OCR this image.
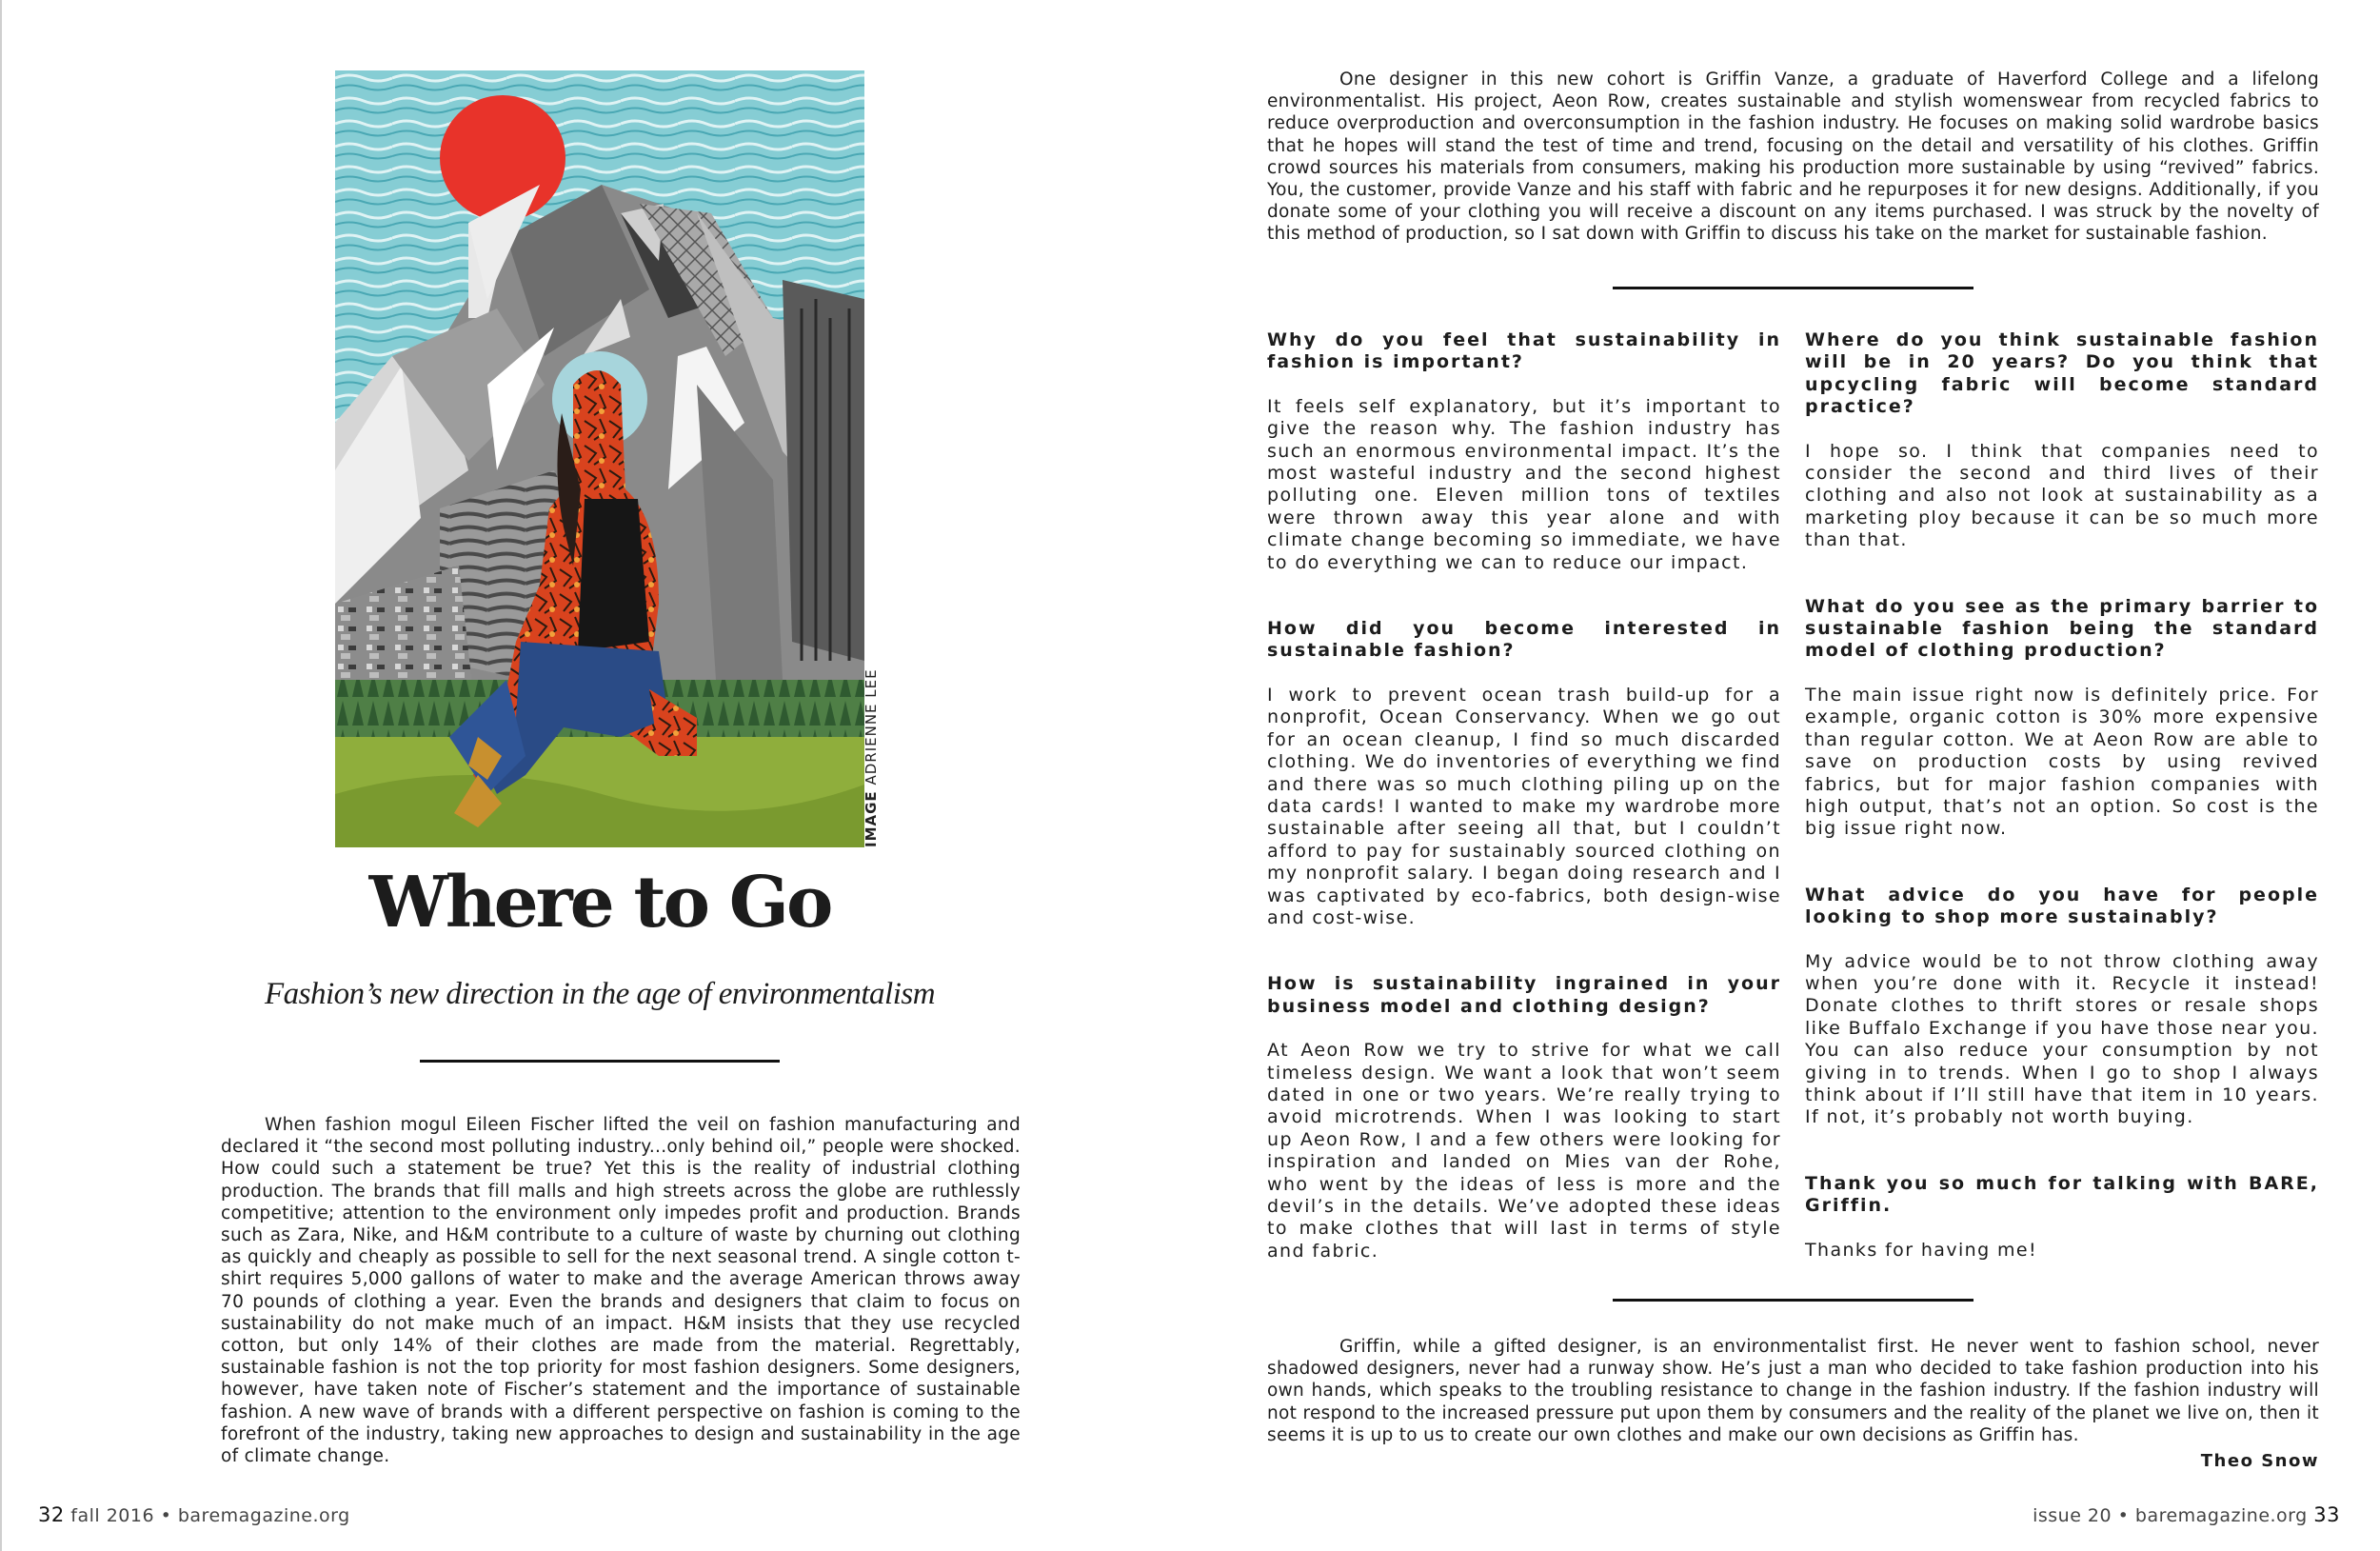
IMAGE ADRIENNE LEE
Where to Go

Fashion’s new direction in the age of environmentalism

When fashion mogul Eileen Fischer lifted the veil on fashion manufacturing and declared it “the second most polluting industry...only behind oil,” people were shocked. How could such a statement be true? Yet this is the reality of industrial clothing production. The brands that fill malls and high streets across the globe are ruthlessly competitive; attention to the environment only impedes profit and production. Brands such as Zara, Nike, and H&M contribute to a culture of waste by churning out clothing as quickly and cheaply as possible to sell for the next seasonal trend. A single cotton t-shirt requires 5,000 gallons of water to make and the average American throws away 70 pounds of clothing a year. Even the brands and designers that claim to focus on sustainability do not make much of an impact. H&M insists that they use recycled cotton, but only 14% of their clothes are made from the material. Regrettably, sustainable fashion is not the top priority for most fashion designers. Some designers, however, have taken note of Fischer’s statement and the importance of sustainable fashion. A new wave of brands with a different perspective on fashion is coming to the forefront of the industry, taking new approaches to design and sustainability in the age of climate change.

One designer in this new cohort is Griffin Vanze, a graduate of Haverford College and a lifelong environmentalist. His project, Aeon Row, creates sustainable and stylish womenswear from recycled fabrics to reduce overproduction and overconsumption in the fashion industry. He focuses on making solid wardrobe basics that he hopes will stand the test of time and trend, focusing on the detail and versatility of his clothes. Griffin crowd sources his materials from consumers, making his production more sustainable by using “revived” fabrics. You, the customer, provide Vanze and his staff with fabric and he repurposes it for new designs. Additionally, if you donate some of your clothing you will receive a discount on any items purchased. I was struck by the novelty of this method of production, so I sat down with Griffin to discuss his take on the market for sustainable fashion.

Why do you feel that sustainability in fashion is important?

It feels self explanatory, but it’s important to give the reason why. The fashion industry has such an enormous environmental impact. It’s the most wasteful industry and the second highest polluting one. Eleven million tons of textiles were thrown away this year alone and with climate change becoming so immediate, we have to do everything we can to reduce our impact.

How did you become interested in sustainable fashion?

I work to prevent ocean trash build-up for a nonprofit, Ocean Conservancy. When we go out for an ocean cleanup, I find so much discarded clothing. We do inventories of everything we find and there was so much clothing piling up on the data cards! I wanted to make my wardrobe more sustainable after seeing all that, but I couldn’t afford to pay for sustainably sourced clothing on my nonprofit salary. I began doing research and I was captivated by eco-fabrics, both design-wise and cost-wise.

How is sustainability ingrained in your business model and clothing design?

At Aeon Row we try to strive for what we call timeless design. We want a look that won’t seem dated in one or two years. We’re really trying to avoid microtrends. When I was looking to start up Aeon Row, I and a few others were looking for inspiration and landed on Mies van der Rohe, who went by the ideas of less is more and the devil’s in the details. We’ve adopted these ideas to make clothes that will last in terms of style and fabric.

Where do you think sustainable fashion will be in 20 years? Do you think that upcycling fabric will become standard practice?

I hope so. I think that companies need to consider the second and third lives of their clothing and also not look at sustainability as a marketing ploy because it can be so much more than that.

What do you see as the primary barrier to sustainable fashion being the standard model of clothing production?

The main issue right now is definitely price. For example, organic cotton is 30% more expensive than regular cotton. We at Aeon Row are able to save on production costs by using revived fabrics, but for major fashion companies with high output, that’s not an option. So cost is the big issue right now.

What advice do you have for people looking to shop more sustainably?

My advice would be to not throw clothing away when you’re done with it. Recycle it instead! Donate clothes to thrift stores or resale shops like Buffalo Exchange if you have those near you. You can also reduce your consumption by not giving in to trends. When I go to shop I always think about if I’ll still have that item in 10 years. If not, it’s probably not worth buying.

Thank you so much for talking with BARE, Griffin.

Thanks for having me!

Griffin, while a gifted designer, is an environmentalist first. He never went to fashion school, never shadowed designers, never had a runway show. He’s just a man who decided to take fashion production into his own hands, which speaks to the troubling resistance to change in the fashion industry. If the fashion industry will not respond to the increased pressure put upon them by consumers and the reality of the planet we live on, then it seems it is up to us to create our own clothes and make our own decisions as Griffin has.

Theo Snow

32 fall 2016 • baremagazine.org	issue 20 • baremagazine.org 33
